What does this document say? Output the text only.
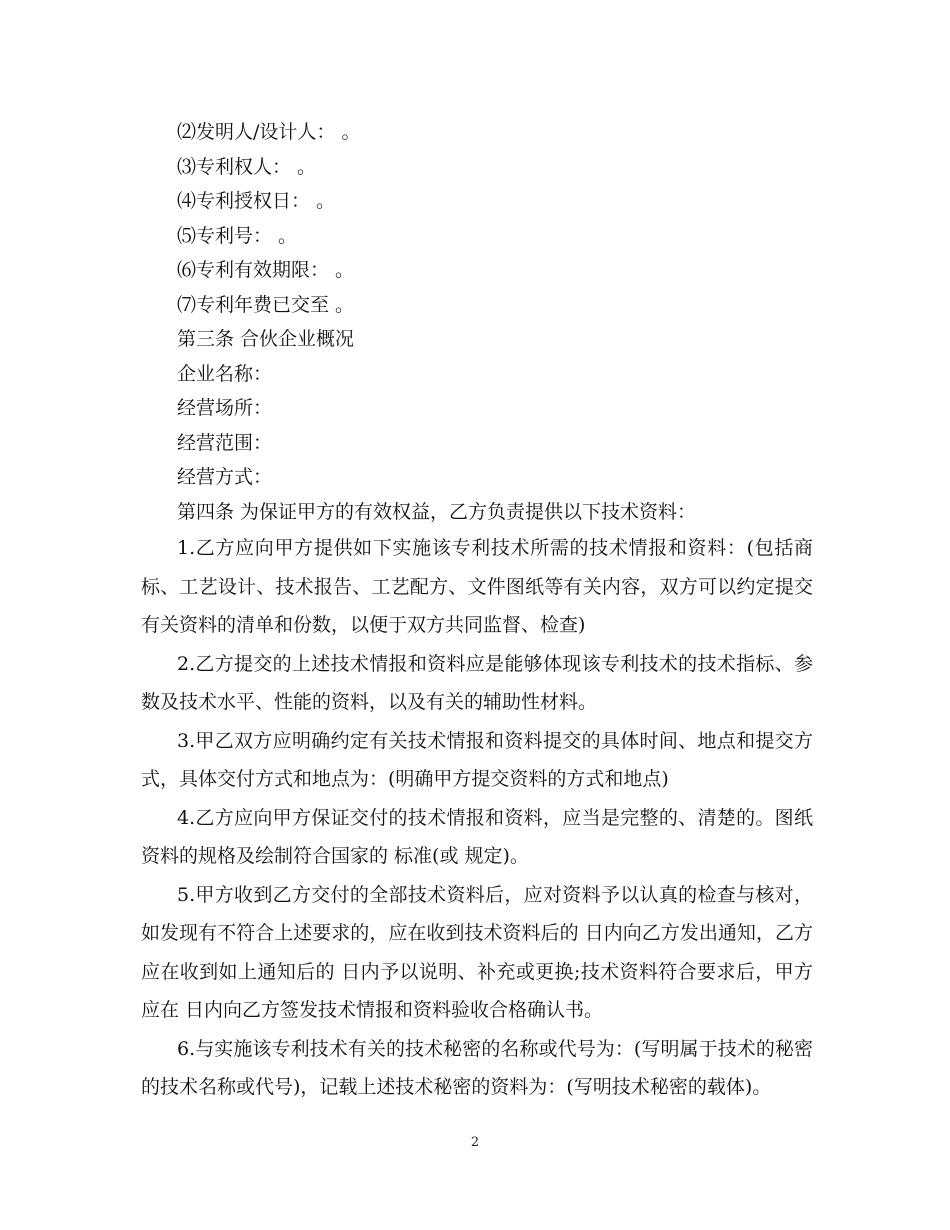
⑵发明人/设计人： 。
⑶专利权人： 。
⑷专利授权日： 。
⑸专利号： 。
⑹专利有效期限： 。
⑺专利年费已交至 。
第三条 合伙企业概况
企业名称：
经营场所：
经营范围：
经营方式：
第四条 为保证甲方的有效权益，乙方负责提供以下技术资料：
1.乙方应向甲方提供如下实施该专利技术所需的技术情报和资料：(包括商标、工艺设计、技术报告、工艺配方、文件图纸等有关内容，双方可以约定提交有关资料的清单和份数，以便于双方共同监督、检查)
2.乙方提交的上述技术情报和资料应是能够体现该专利技术的技术指标、参数及技术水平、性能的资料，以及有关的辅助性材料。
3.甲乙双方应明确约定有关技术情报和资料提交的具体时间、地点和提交方式，具体交付方式和地点为：(明确甲方提交资料的方式和地点)
4.乙方应向甲方保证交付的技术情报和资料，应当是完整的、清楚的。图纸资料的规格及绘制符合国家的 标准(或 规定)。
5.甲方收到乙方交付的全部技术资料后，应对资料予以认真的检查与核对，如发现有不符合上述要求的，应在收到技术资料后的 日内向乙方发出通知，乙方应在收到如上通知后的 日内予以说明、补充或更换;技术资料符合要求后，甲方应在 日内向乙方签发技术情报和资料验收合格确认书。
6.与实施该专利技术有关的技术秘密的名称或代号为：(写明属于技术的秘密的技术名称或代号)，记载上述技术秘密的资料为：(写明技术秘密的载体)。
2
